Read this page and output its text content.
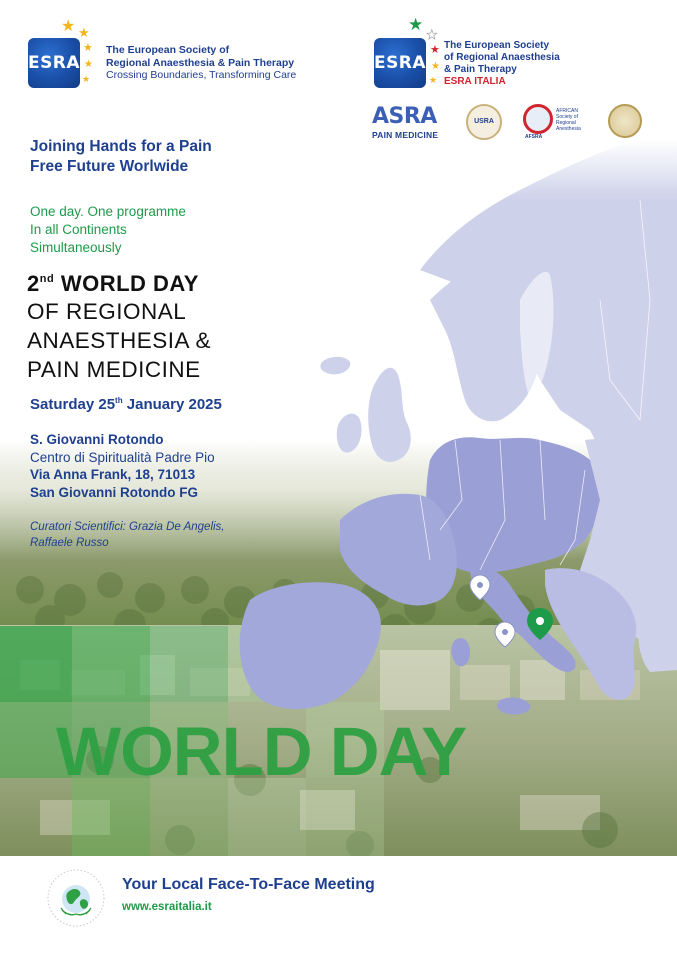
ESRA
★ ★
★
★
★
The European Society of
Regional Anaesthesia & Pain Therapy
Crossing Boundaries, Transforming Care
ESRA
★
★
★
★
★
The European Society
of Regional Anaesthesia
& Pain Therapy
ESRA ITALIA
ASRA
PAIN MEDICINE
USRA
AFSRA
AFRICAN
Society of
Regional
Anesthesia
Joining Hands for a Pain
Free Future Worlwide
One day. One programme
In all Continents
Simultaneously
2nd WORLD DAY
OF REGIONAL
ANAESTHESIA &
PAIN MEDICINE
Saturday 25th January 2025
S. Giovanni Rotondo
Centro di Spiritualità Padre Pio
Via Anna Frank, 18, 71013
San Giovanni Rotondo FG
Curatori Scientifici: Grazia De Angelis,
Raffaele Russo
WORLD DAY
Your Local Face-To-Face Meeting
www.esraitalia.it
